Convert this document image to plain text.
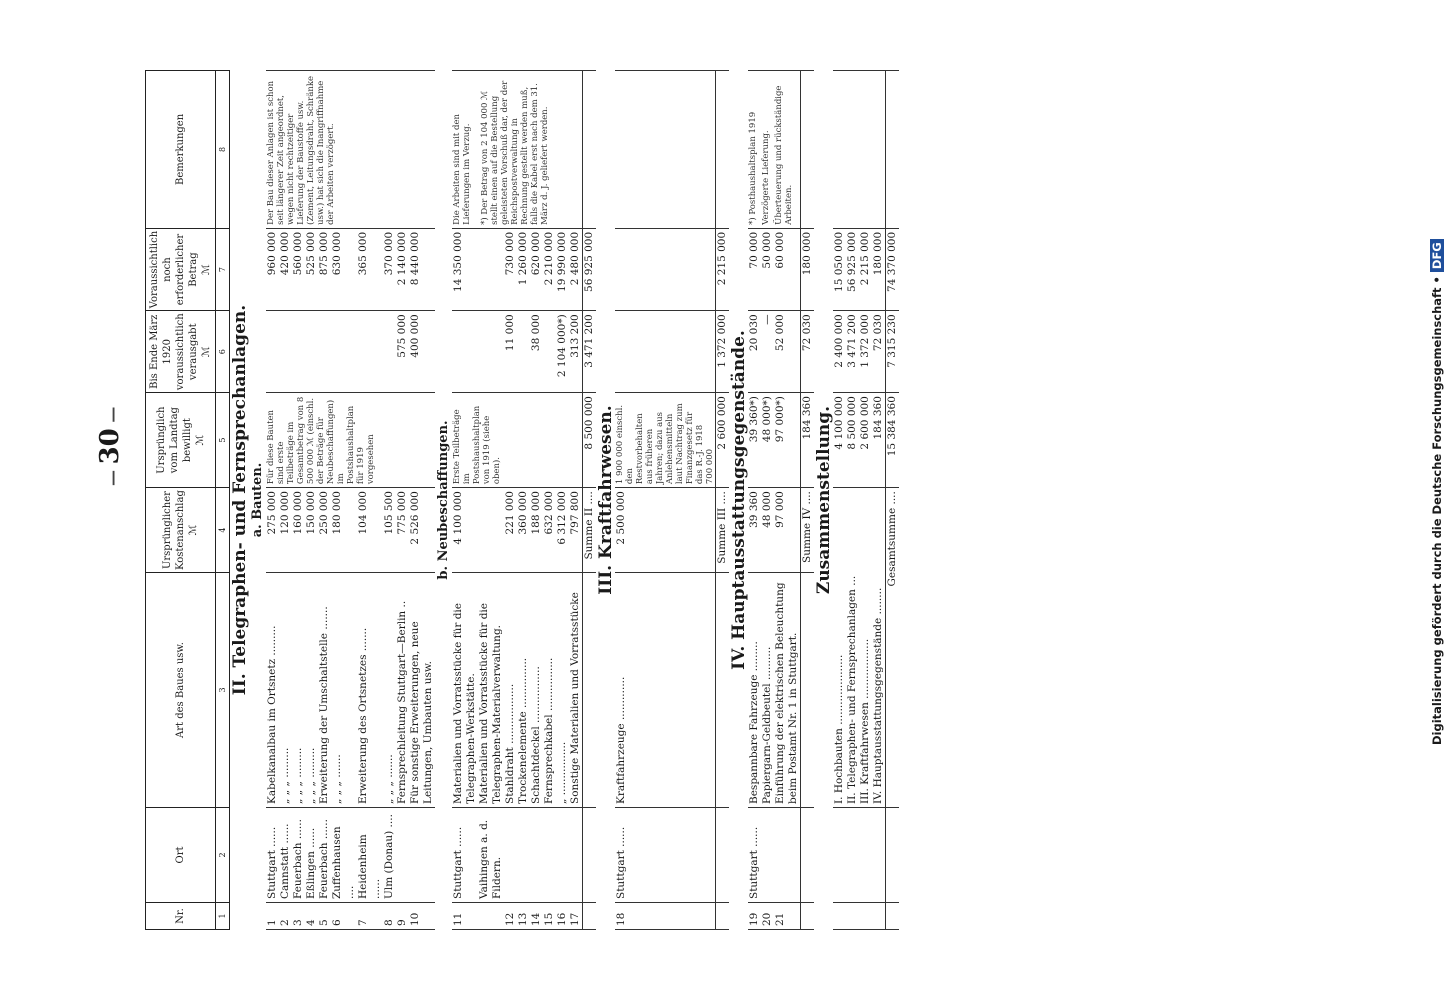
— 30 —	Digitalisierung gefördert durch die Deutsche Forschungsgemeinschaft •DFG
Nr.	Ort	Art des Baues usw.	Ursprünglicher Kostenanschlag ℳ	Ursprünglich vom Landtag bewilligt ℳ	Bis Ende März 1920 voraussichtlich verausgabt ℳ	Voraussichtlich noch erforderlicher Betrag ℳ	Bemerkungen
1	2	3	4	5	6	7	8
II. Telegraphen- und Fernsprechanlagen.							
a. Bauten.							
1	Stuttgart ......	Kabelkanalbau im Ortsnetz .........	275 000	Für diese Bauten sind erste Teilbeträge im Gesamtbetrag von 8 500 000 ℳ (einschl. der Beträge für Neubeschaffungen) im Postshaushaltplan für 1919 vorgesehen		960 000	Der Bau dieser Anlagen ist schon seit längerer Zeit angeordnet, wegen nicht rechtzeitiger Lieferung der Baustoffe usw. (Zement, Leitungsdraht, Schränke usw.) hat sich die Inangriffnahme der Arbeiten verzögert.
2	Cannstatt ......	„ „ „ .........	120 000			420 000	
3	Feuerbach ......	„ „ „ .........	160 000			560 000	
4	Eßlingen ......	„ „ „ .........	150 000			525 000	
5	Feuerbach ......	Erweiterung der Umschaltstelle .......	250 000			875 000	
6	Zuffenhausen ....	„ „ „ .......	180 000			630 000	
7	Heidenheim ......	Erweiterung des Ortsnetzes .......	104 000			365 000	
8	Ulm (Donau) ....	„ „ „ .......	105 500			370 000	
9		Fernsprechleitung Stuttgart—Berlin ..	775 000		575 000	2 140 000	
10		Für sonstige Erweiterungen, neue Leitungen, Umbauten usw.	2 526 000		400 000	8 440 000	
b. Neubeschaffungen.							
11	Stuttgart ......	Materialien und Vorratsstücke für die Telegraphen-Werkstätte.	4 100 000	Erste Teilbeträge im Postshaushaltplan von 1919 (siehe oben).		14 350 000	Die Arbeiten sind mit den Lieferungen im Verzug. *) Der Betrag von 2 104 000 ℳ stellt einen auf die Bestellung geleisteten Vorschuß dar, der der Reichspostverwaltung in Rechnung gestellt werden muß, falls die Kabel erst nach dem 31. März d. J. geliefert werden.
	Vaihingen a. d. Fildern.	Materialien und Vorratsstücke für die Telegraphen-Materialverwaltung.					
12		Stahldraht ..................	221 000		11 000	730 000	
13		Trockenelemente ...............	360 000			1 260 000	
14		Schachtdeckel .................	188 000		38 000	620 000	
15		Fernsprechkabel ................	632 000			2 210 000	
16		„ ................	6 312 000		2 104 000*)	19 990 000	
17		Sonstige Materialien und Vorratsstücke	797 800		313 200	2 480 000	
			Summe II ....	8 500 000	3 471 200	56 925 000	
III. Kraftfahrwesen.							
18	Stuttgart ......	Kraftfahrzeuge .............	2 500 000	1 900 000 einschl. den Restvorbehalten aus früheren Jahren; dazu aus Anlehensmitteln laut Nachtrag zum Finanzgesetz für das R.-J. 1918
700 000			
			Summe III ....	2 600 000	1 372 000	2 215 000	
IV. Hauptausstattungsgegenstände.							
19	Stuttgart ......	Bespannbare Fahrzeuge .........	39 360	39 360*)	20 030	70 000	*) Posthaushaltsplan 1919
20		Papiergarn-Geldbeutel ..........	48 000	48 000*)	—	50 000	Verzögerte Lieferung.
21		Einführung der elektrischen Beleuchtung beim Postamt Nr. 1 in Stuttgart.	97 000	97 000*)	52 000	60 000	Überteuerung und rückständige Arbeiten.
			Summe IV ....	184 360	72 030	180 000	
Zusammenstellung.							
		I. Hochbauten .....................		4 100 000	2 400 000	15 050 000	
		II. Telegraphen- und Fernsprechanlagen ...		8 500 000	3 471 200	56 925 000	
		III. Kraftfahrwesen ..................		2 600 000	1 372 000	2 215 000	
		IV. Hauptausstattungsgegenstände ........		184 360	72 030	180 000	
		Gesamtsumme ....		15 384 360	7 315 230	74 370 000	
